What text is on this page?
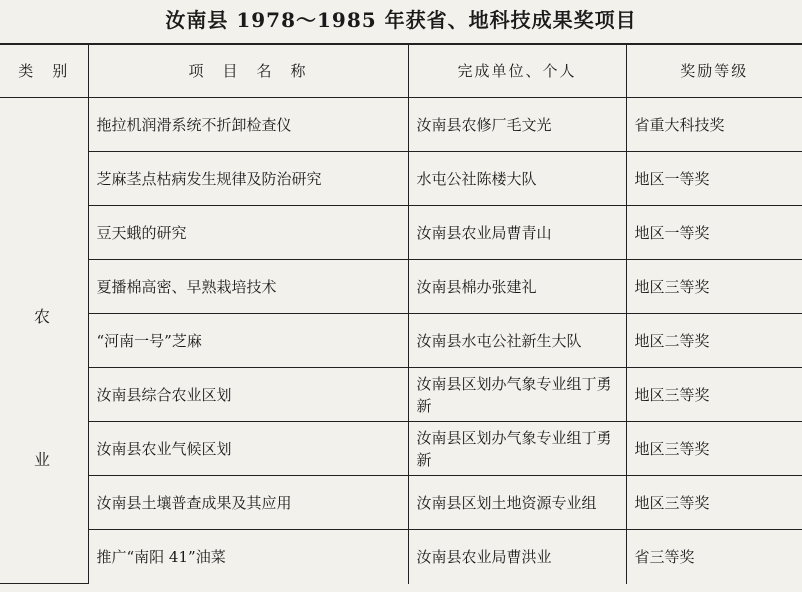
汝南县 1978～1985 年获省、地科技成果奖项目
类　别	项　目　名　称	完成单位、个人	奖励等级

农
业	拖拉机润滑系统不折卸检查仪	汝南县农修厂毛文光	省重大科技奖
	芝麻茎点枯病发生规律及防治研究	水屯公社陈楼大队	地区一等奖
	豆天蛾的研究	汝南县农业局曹青山	地区一等奖
	夏播棉高密、早熟栽培技术	汝南县棉办张建礼	地区三等奖
	“河南一号”芝麻	汝南县水屯公社新生大队	地区二等奖
	汝南县综合农业区划	汝南县区划办气象专业组丁勇新	地区三等奖
	汝南县农业气候区划	汝南县区划办气象专业组丁勇新	地区三等奖
	汝南县土壤普查成果及其应用	汝南县区划土地资源专业组	地区三等奖
	推广“南阳 41”油菜	汝南县农业局曹洪业	省三等奖
